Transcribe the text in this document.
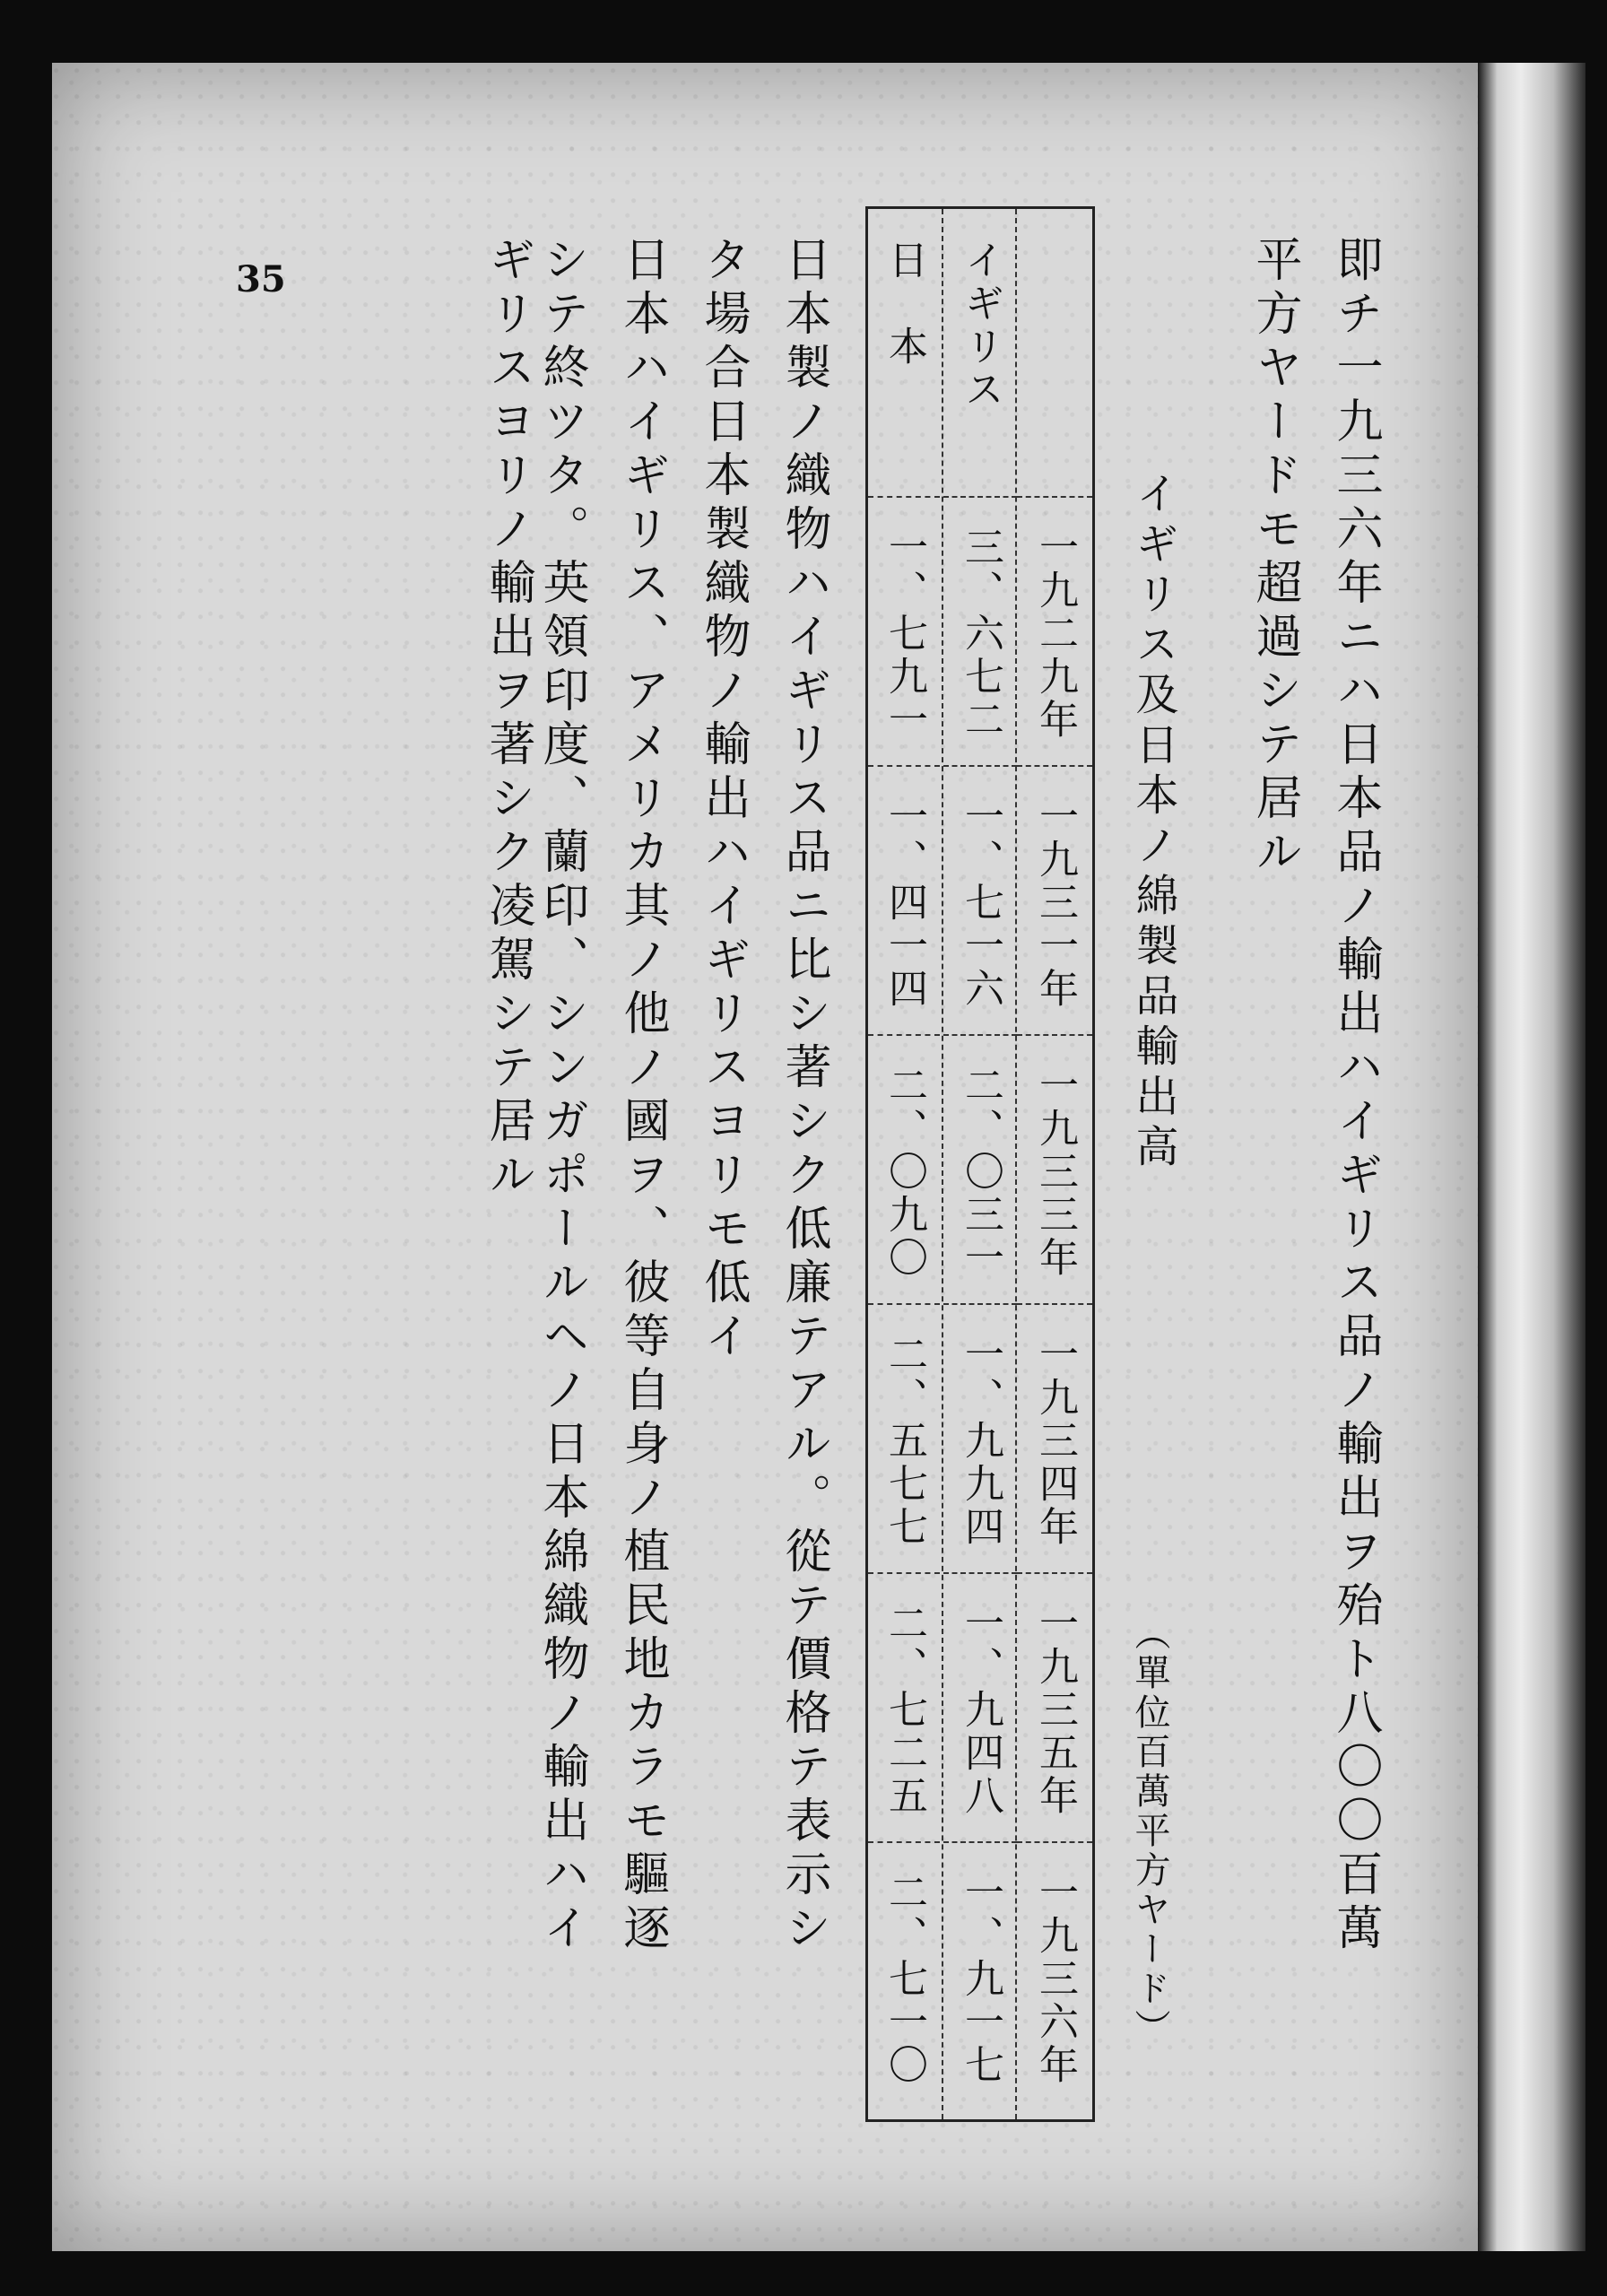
35	即チ一九三六年ニハ日本品ノ輸出ハイギリス品ノ輸出ヲ殆ト八〇〇百萬
平方ヤードモ超過シテ居ル
イギリス及日本ノ綿製品輸出高
（單位百萬平方ヤード）
一九二九年
一九三一年
一九三三年
一九三四年
一九三五年
一九三六年
イギリス
三、六七二
一、七一六
二、〇三一
一、九九四
一、九四八
一、九一七
日　本
一、七九一
一、四一四
二、〇九〇
二、五七七
二、七二五
二、七一〇
日本製ノ織物ハイギリス品ニ比シ著シク低廉テアル。從テ價格テ表示シ
タ場合日本製織物ノ輸出ハイギリスヨリモ低イ
日本ハイギリス、アメリカ其ノ他ノ國ヲ、彼等自身ノ植民地カラモ驅逐
シテ終ツタ。英領印度、蘭印、シンガポールヘノ日本綿織物ノ輸出ハイ
ギリスヨリノ輸出ヲ著シク凌駕シテ居ル
